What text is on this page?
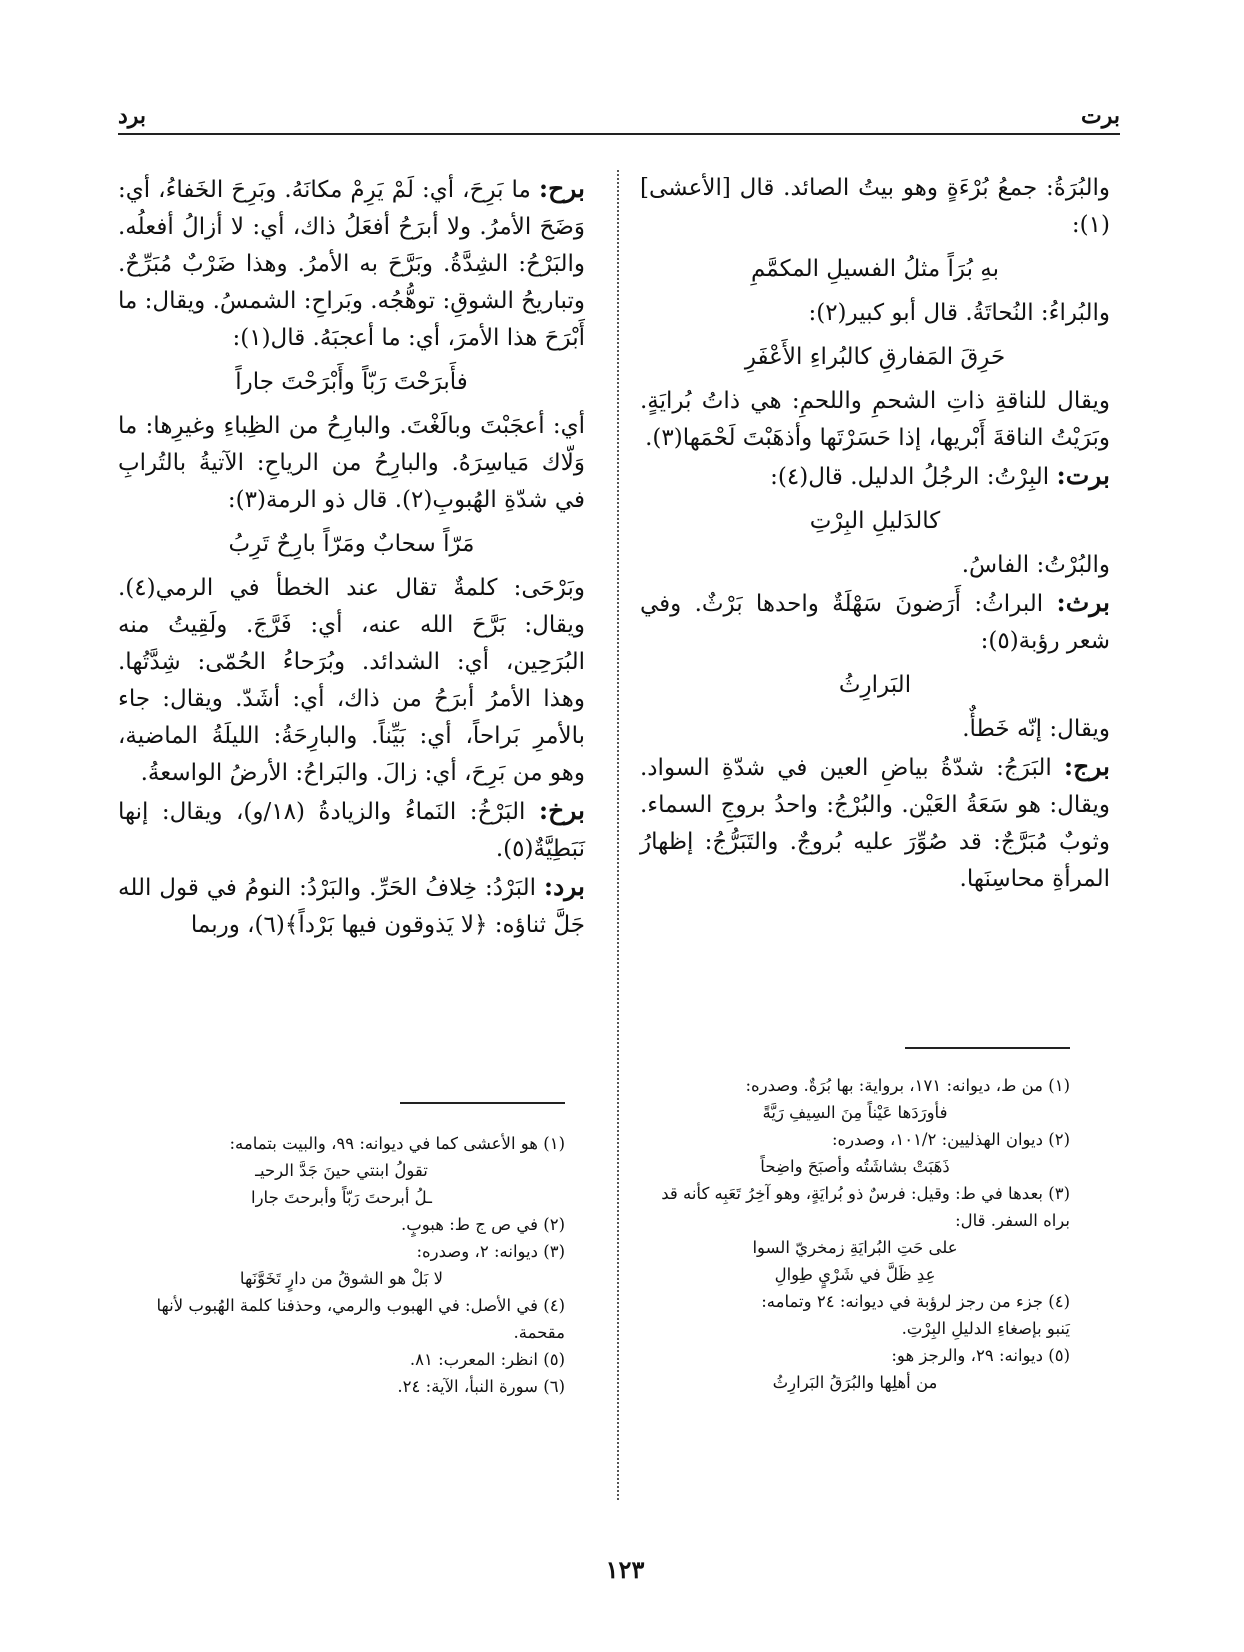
برت
برد

والبُرَةُ: جمعُ بُرْءَةٍ وهو بيتُ الصائد. قال [الأعشى](١):

بهِ بُرَاً مثلُ الفسيلِ المكمَّمِ

والبُراءُ: النُحاتَةُ. قال أبو كبير(٢):

حَرِقَ المَفارقِ كالبُراءِ الأَعْفَرِ

ويقال للناقةِ ذاتِ الشحمِ واللحمِ: هي ذاتُ بُرايَةٍ. وبَرَيْتُ الناقةَ أَبْريها، إذا حَسَرْتَها وأذهَبْتَ لَحْمَها(٣).

برت: البِرْتُ: الرجُلُ الدليل. قال(٤):

كالدَليلِ البِرْتِ

والبُرْتُ: الفاسُ.

برث: البراثُ: أَرَضونَ سَهْلَةٌ واحدها بَرْثٌ. وفي شعر رؤبة(٥):

البَرارِثُ

ويقال: إنّه خَطأٌ.

برج: البَرَجُ: شدّةُ بياضِ العين في شدّةِ السواد. ويقال: هو سَعَةُ العَيْن. والبُرْجُ: واحدُ بروجِ السماء. وثوبٌ مُبَرَّجٌ: قد صُوِّرَ عليه بُروجٌ. والتَبَرُّجُ: إظهارُ المرأةِ محاسِنَها.

برح: ما بَرِحَ، أي: لَمْ يَرِمْ مكانَهُ. وبَرِحَ الخَفاءُ، أي: وَضَحَ الأمرُ. ولا أبرَحُ أفعَلُ ذاك، أي: لا أزالُ أفعلُه. والبَرْحُ: الشِدَّةُ. وبَرَّحَ به الأمرُ. وهذا ضَرْبٌ مُبَرِّحٌ. وتباريحُ الشوقِ: توهُّجُه. وبَراحِ: الشمسُ. ويقال: ما أَبْرَحَ هذا الأمرَ، أي: ما أعجبَهُ. قال(١):

فأَبرَحْتَ رَبّاً وأَبْرَحْتَ جاراً

أي: أعجَبْتَ وبالَغْتَ. والبارِحُ من الظِباءِ وغيرِها: ما وَلّاك مَياسِرَهُ. والبارِحُ من الرياحِ: الآتيةُ بالتُرابِ في شدّةِ الهُبوبِ(٢). قال ذو الرمة(٣):

مَرّاً سحابٌ ومَرّاً بارِحٌ تَرِبُ

وبَرْحَى: كلمةٌ تقال عند الخطأ في الرمي(٤). ويقال: بَرَّحَ الله عنه، أي: فَرَّجَ. ولَقِيتُ منه البُرَحِين، أي: الشدائد. وبُرَحاءُ الحُمّى: شِدَّتُها. وهذا الأمرُ أبرَحُ من ذاك، أي: أشَدّ. ويقال: جاء بالأمرِ بَراحاً، أي: بَيِّناً. والبارِحَةُ: الليلَةُ الماضية، وهو من بَرِحَ، أي: زالَ. والبَراحُ: الأرضُ الواسعةُ.

برخ: البَرْخُ: النَماءُ والزيادةُ (١٨/و)، ويقال: إنها نَبَطِيَّةٌ(٥).

برد: البَرْدُ: خِلافُ الحَرِّ. والبَرْدُ: النومُ في قول الله جَلَّ ثناؤه: ﴿لا يَذوقون فيها بَرْداً﴾(٦)، وربما

(١) من ط، ديوانه: ١٧١، برواية: بها بُرَةٌ. وصدره:

فأورَدَها عَيْناً مِنَ السِيفِ رَيَّةً

(٢) ديوان الهذليين: ١٠١/٢، وصدره:

ذَهَبَتْ بشاشَتُه وأصبَحَ واضِحاً

(٣) بعدها في ط: وقيل: فرسٌ ذو بُرايَةٍ، وهو آخِرُ تَعَبِه كأنه قد براه السفر. قال:

على حَتِ البُرايَةِ زمخريّ السوا

عِدِ ظَلَّ في شَرْيٍ طِوالِ

(٤) جزء من رجز لرؤبة في ديوانه: ٢٤ وتمامه:

يَنبو بإصغاءِ الدليلِ البِرْتِ.

(٥) ديوانه: ٢٩، والرجز هو:

من أهلِها والبُرَقُ البَرارِثُ

(١) هو الأعشى كما في ديوانه: ٩٩، والبيت بتمامه:

تقولُ ابنتي حينَ جَدَّ الرحيـ

ـلُ أبرحتَ رَبّاً وأبرحتَ جارا

(٢) في ص ج ط: هبوبٍ.

(٣) ديوانه: ٢، وصدره:

لا بَلْ هو الشوقُ من دارٍ تَخَوَّنَها

(٤) في الأصل: في الهبوب والرمي، وحذفنا كلمة الهُبوب لأنها مقحمة.

(٥) انظر: المعرب: ٨١.

(٦) سورة النبأ، الآية: ٢٤.

١٢٣
